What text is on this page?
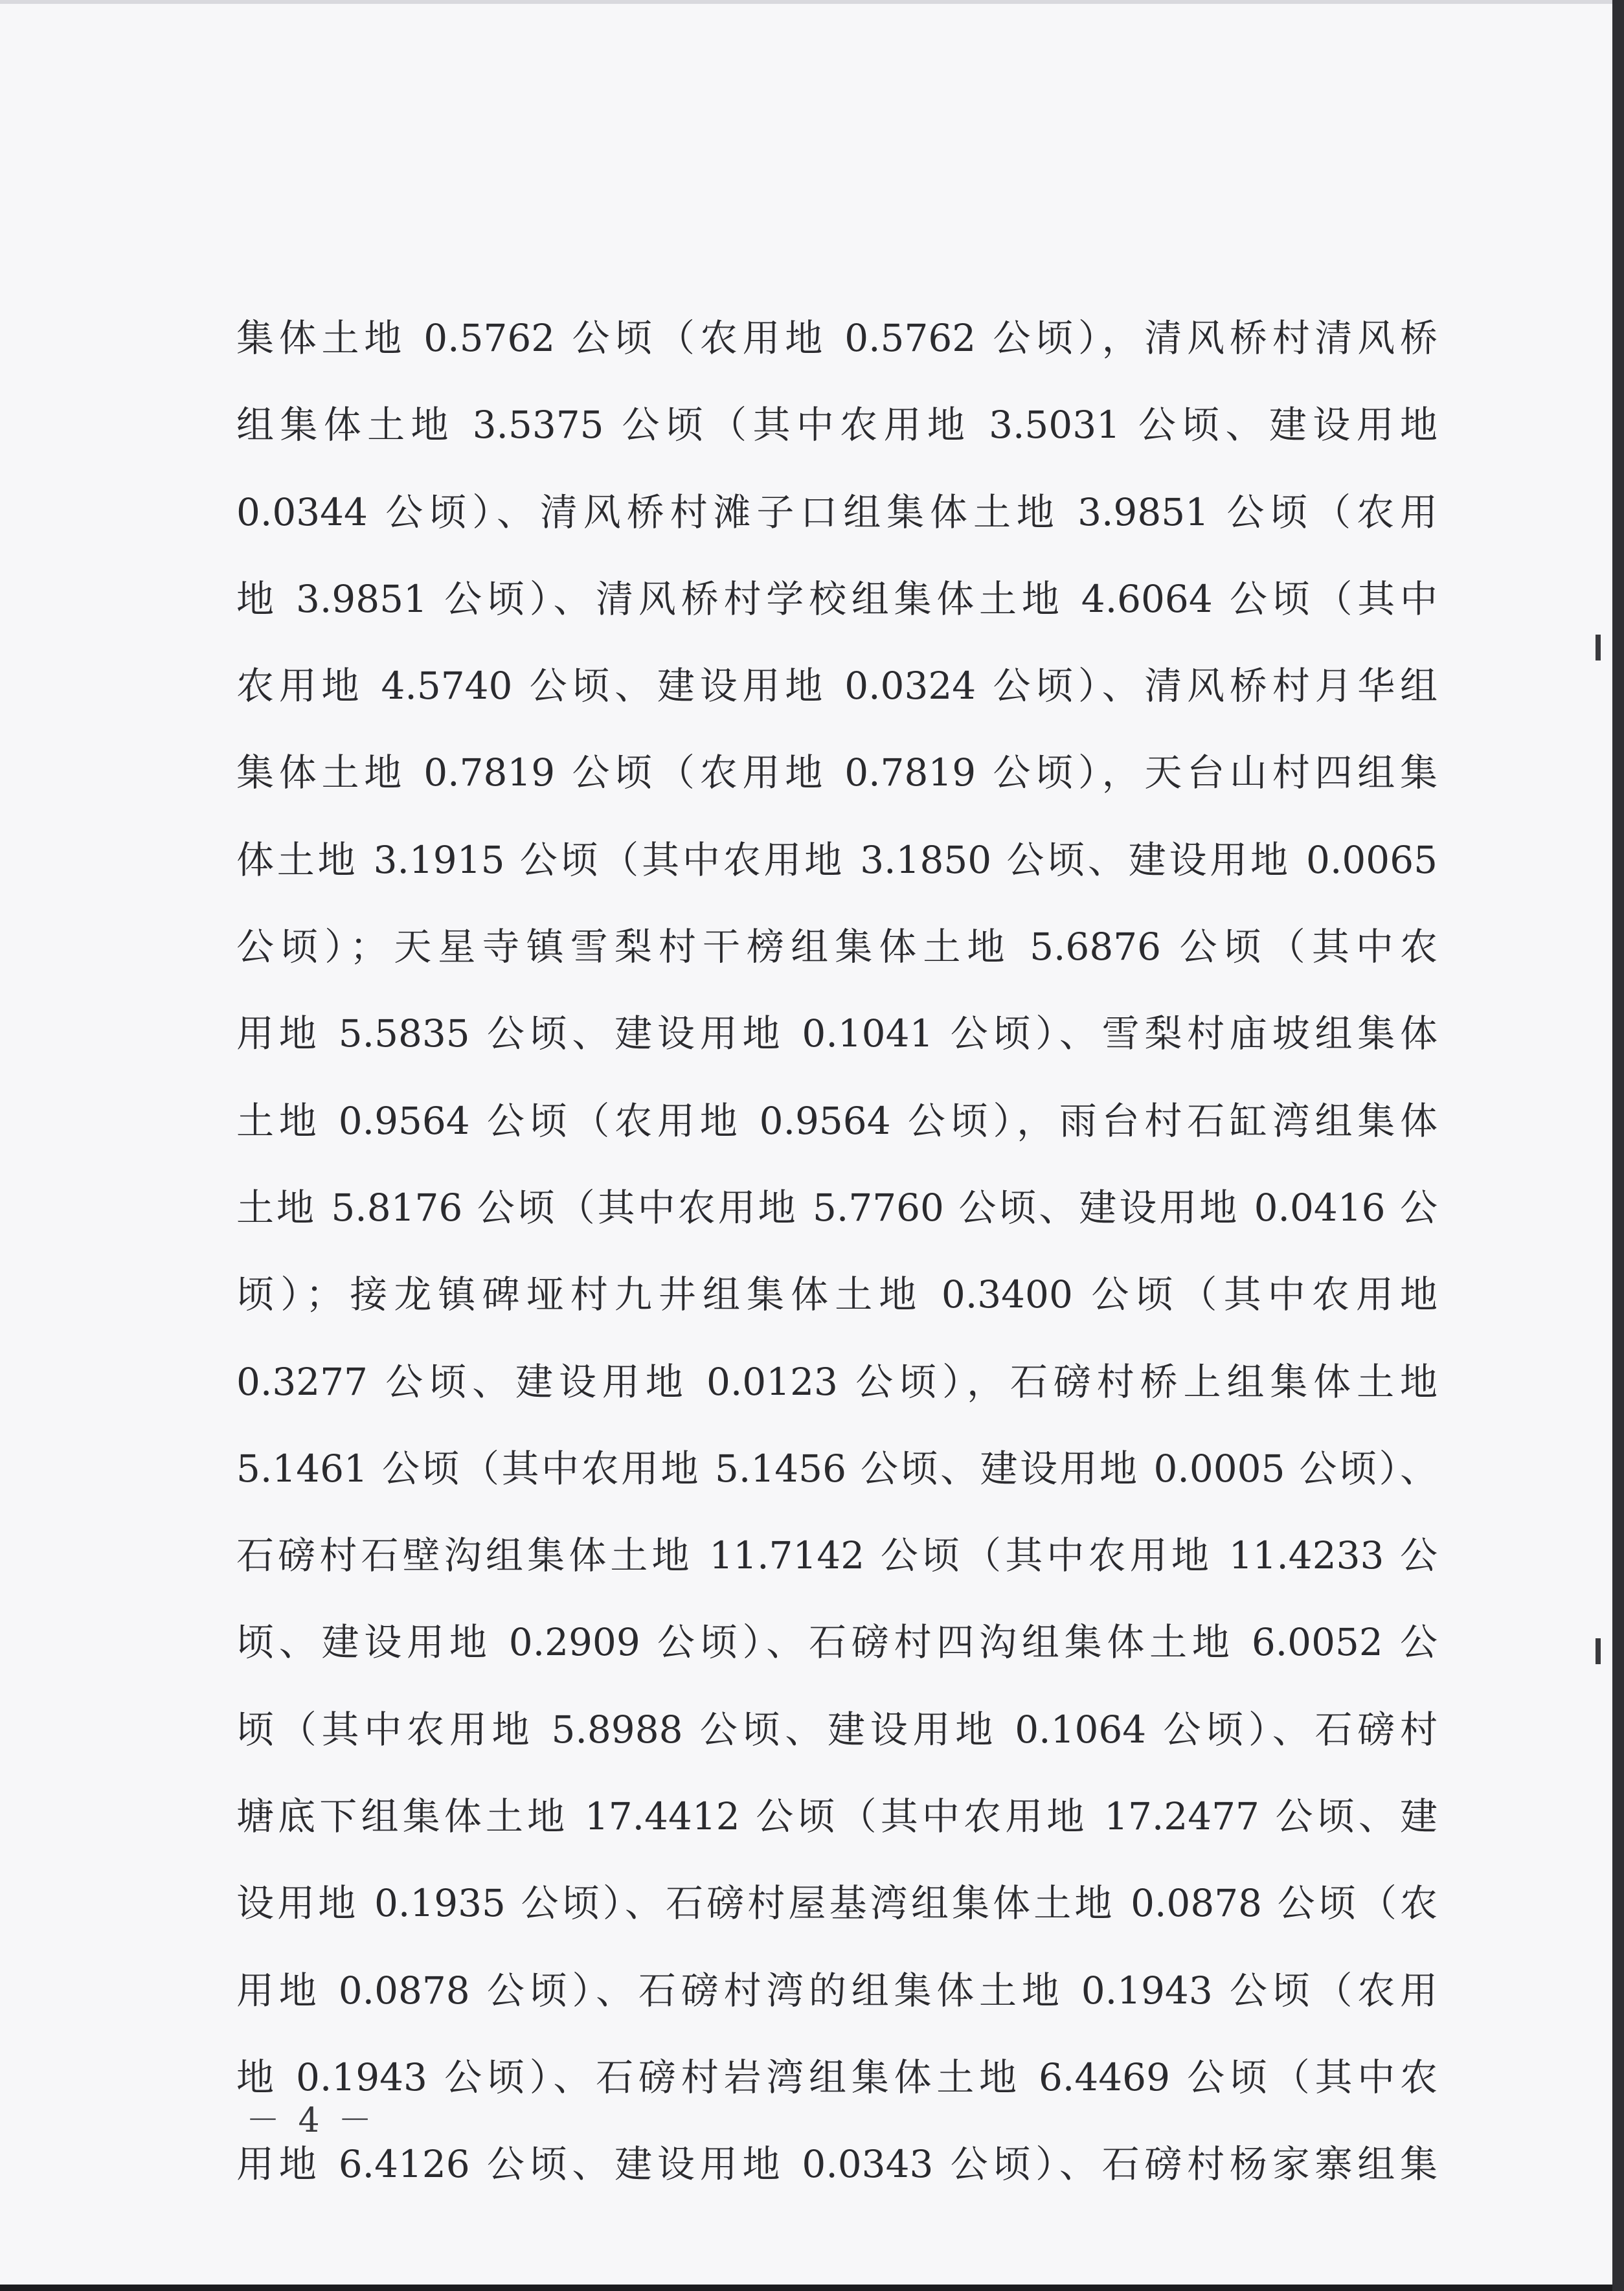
集体土地 0.5762 公顷（农用地 0.5762 公顷），清风桥村清风桥
组集体土地 3.5375 公顷（其中农用地 3.5031 公顷、建设用地
0.0344 公顷）、清风桥村滩子口组集体土地 3.9851 公顷（农用
地 3.9851 公顷）、清风桥村学校组集体土地 4.6064 公顷（其中
农用地 4.5740 公顷、建设用地 0.0324 公顷）、清风桥村月华组
集体土地 0.7819 公顷（农用地 0.7819 公顷），天台山村四组集
体土地 3.1915 公顷（其中农用地 3.1850 公顷、建设用地 0.0065
公顷）；天星寺镇雪梨村干榜组集体土地 5.6876 公顷（其中农
用地 5.5835 公顷、建设用地 0.1041 公顷）、雪梨村庙坡组集体
土地 0.9564 公顷（农用地 0.9564 公顷），雨台村石缸湾组集体
土地 5.8176 公顷（其中农用地 5.7760 公顷、建设用地 0.0416 公
顷）；接龙镇碑垭村九井组集体土地 0.3400 公顷（其中农用地
0.3277 公顷、建设用地 0.0123 公顷），石磅村桥上组集体土地
5.1461 公顷（其中农用地 5.1456 公顷、建设用地 0.0005 公顷）、
石磅村石壁沟组集体土地 11.7142 公顷（其中农用地 11.4233 公
顷、建设用地 0.2909 公顷）、石磅村四沟组集体土地 6.0052 公
顷（其中农用地 5.8988 公顷、建设用地 0.1064 公顷）、石磅村
塘底下组集体土地 17.4412 公顷（其中农用地 17.2477 公顷、建
设用地 0.1935 公顷）、石磅村屋基湾组集体土地 0.0878 公顷（农
用地 0.0878 公顷）、石磅村湾的组集体土地 0.1943 公顷（农用
地 0.1943 公顷）、石磅村岩湾组集体土地 6.4469 公顷（其中农
用地 6.4126 公顷、建设用地 0.0343 公顷）、石磅村杨家寨组集
－ 4 －
